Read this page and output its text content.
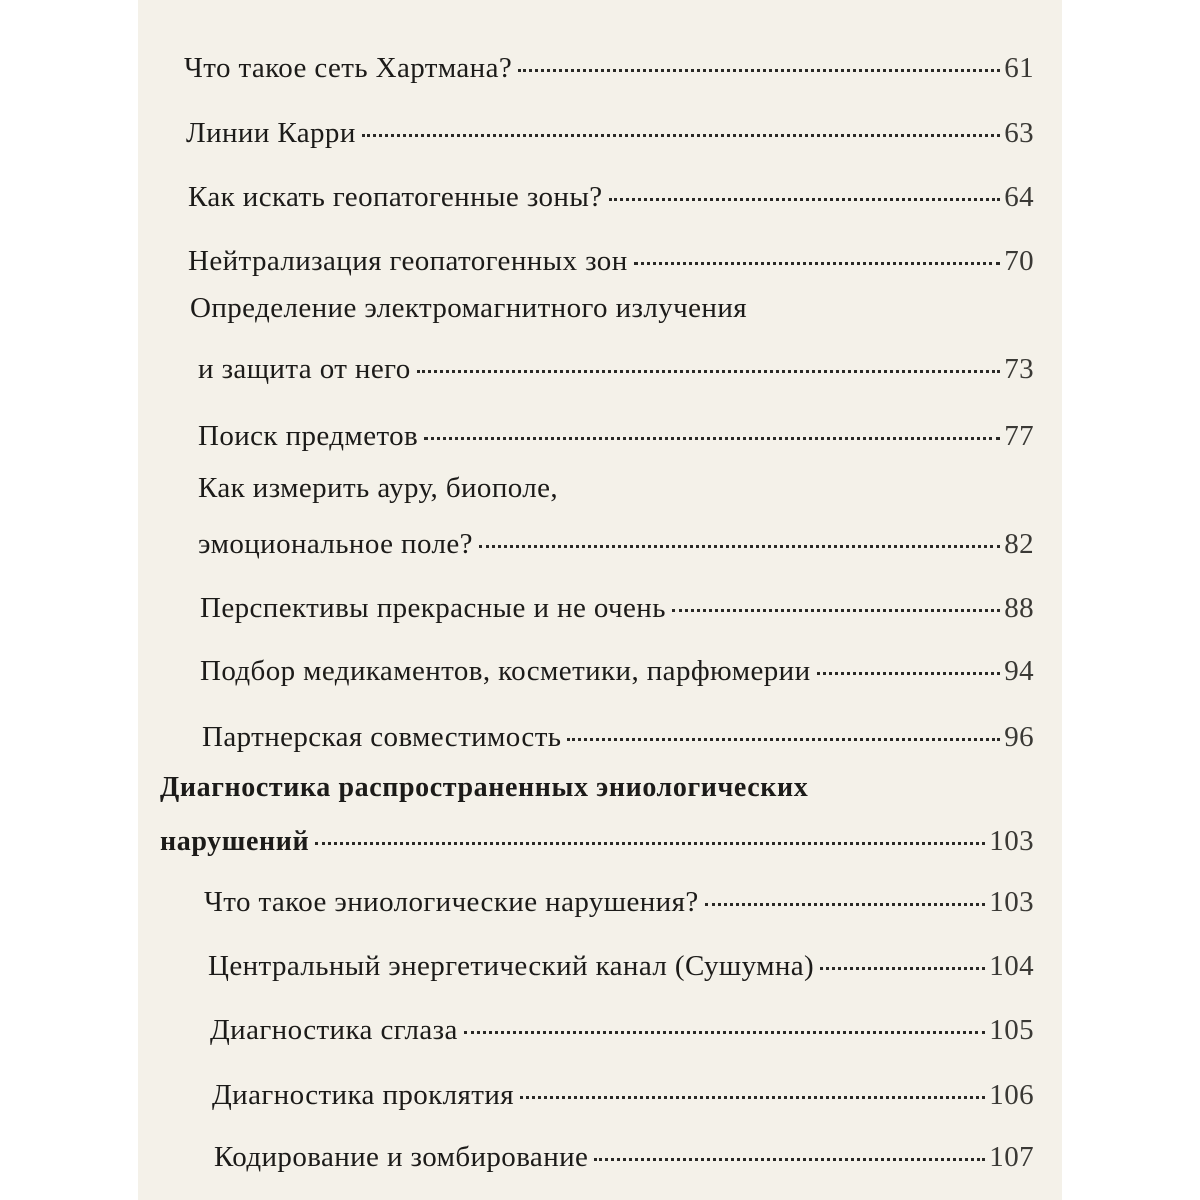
Что такое сеть Хартмана?	61
Линии Карри	63
Как искать геопатогенные зоны?	64
Нейтрализация геопатогенных зон	70
Определение электромагнитного излучения
и защита от него	73
Поиск предметов	77
Как измерить ауру, биополе,
эмоциональное поле?	82
Перспективы прекрасные и не очень	88
Подбор медикаментов, косметики, парфюмерии	94
Партнерская совместимость	96
Диагностика распространенных эниологических
нарушений	103
Что такое эниологические нарушения?	103
Центральный энергетический канал (Сушумна)	104
Диагностика сглаза	105
Диагностика проклятия	106
Кодирование и зомбирование	107
